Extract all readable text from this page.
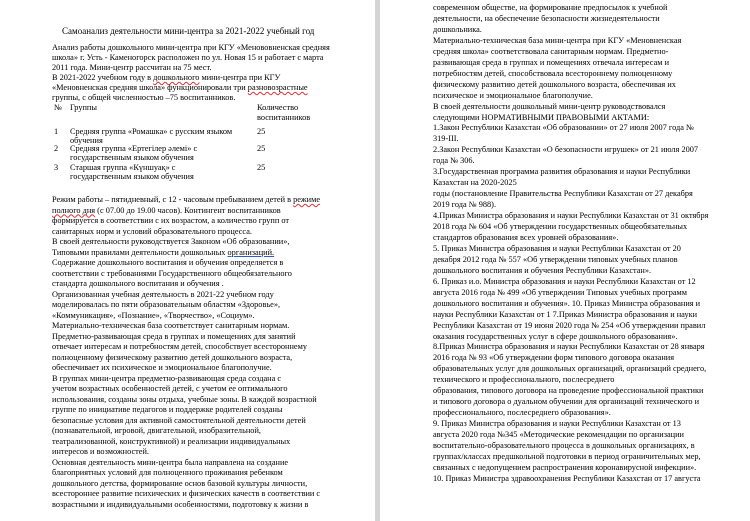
Самоанализ деятельности мини-центра за 2021-2022 учебный год
Анализ работы дошкольного мини-центра при КГУ «Менововненская средняя
школа» г. Усть - Каменогорск расположен по ул. Новая 15 и работает с марта
2011 года. Мини-центр рассчитан на 75 мест.
В 2021-2022 учебном году в дошкольного мини-центра при КГУ
«Меновненская средняя школа» функционировали три разновозрастные
группы, с общей численностью –75 воспитанников.
№ Группы	Количество
воспитанников
1 Средняя группа «Ромашка» с русским языком
обучения
25
2 Средняя группа «Ертегілер әлемі» с
государственным языком обучения
25
3 Старшая группа «Күншуақ» с
государственным языком обучения
25
Режим работы – пятидневный, с 12 - часовым пребыванием детей в режиме
полного дня (с 07.00 до 19.00 часов). Контингент воспитанников
формируется в соответствии с их возрастом, а количество групп от
санитарных норм и условий образовательного процесса.
В своей деятельности руководствуется Законом «Об образовании»,
Типовыми правилами деятельности дошкольных организаций.
Содержание дошкольного воспитания и обучения определяется в
соответствии с требованиями Государственного общеобязательного
стандарта дошкольного воспитания и обучения .
Организованная учебная деятельность в 2021-22 учебном году
моделировалась по пяти образовательным областям «Здоровье»,
«Коммуникация», «Познание», «Творчество», «Социум».
Материально-техническая база соответствует санитарным нормам.
Предметно-развивающая среда в группах и помещениях для занятий
отвечает интересам и потребностям детей, способствует всестороннему
полноценному физическому развитию детей дошкольного возраста,
обеспечивает их психическое и эмоциональное благополучие.
В группах мини-центра предметно-развивающая среда создана с
учетом возрастных особенностей детей, с учетом ее оптимального
использования, созданы зоны отдыха, учебные зоны. В каждой возрастной
группе по инициативе педагогов и поддержке родителей созданы
безопасные условия для активной самостоятельной деятельности детей
(познавательной, игровой, двигательной, изобразительной,
театрализованной, конструктивной) и реализации индивидуальных
интересов и возможностей.
Основная деятельность мини-центра была направлена на создание
благоприятных условий для полноценного проживания ребенком
дошкольного детства, формирование основ базовой культуры личности,
всестороннее развитие психических и физических качеств в соответствии с
возрастными и индивидуальными особенностями, подготовку к жизни в
современном обществе, на формирование предпосылок к учебной
деятельности, на обеспечение безопасности жизнедеятельности
дошкольника.
Материально-техническая база мини-центра при КГУ «Меновненская
средняя школа» соответствовала санитарным нормам. Предметно-
развивающая среда в группах и помещениях отвечала интересам и
потребностям детей, способствовала всестороннему полноценному
физическому развитию детей дошкольного возраста, обеспечивая их
психическое и эмоциональное благополучие.
В своей деятельности дошкольный мини-центр руководствовался
следующими НОРМАТИВНЫМИ ПРАВОВЫМИ АКТАМИ:
1.Закон Республики Казахстан «Об образовании» от 27 июля 2007 года №
319-III.
2.Закон Республики Казахстан «О безопасности игрушек» от 21 июля 2007
года № 306.
3.Государственная программа развития образования и науки Республики
Казахстан на 2020-2025
годы (постановление Правительства Республики Казахстан от 27 декабря
2019 года № 988).
4.Приказ Министра образования и науки Республики Казахстан от 31 октября
2018 года № 604 «Об утверждении государственных общеобязательных
стандартов образования всех уровней образования».
5. Приказ Министра образования и науки Республики Казахстан от 20
декабря 2012 года № 557 «Об утверждении типовых учебных планов
дошкольного воспитания и обучения Республики Казахстан».
6. Приказ и.о. Министра образования и науки Республики Казахстан от 12
августа 2016 года № 499 «Об утверждении Типовых учебных программ
дошкольного воспитания и обучения». 10. Приказ Министра образования и
науки Республики Казахстан от 1 7.Приказ Министра образования и науки
Республики Казахстан от 19 июня 2020 года № 254 «Об утверждении правил
оказания государственных услуг в сфере дошкольного образования».
8.Приказ Министра образования и науки Республики Казахстан от 28 января
2016 года № 93 «Об утверждении форм типового договора оказания
образовательных услуг для дошкольных организаций, организаций среднего,
технического и профессионального, послесреднего
образования, типового договора на проведение профессиональной практики
и типового договора о дуальном обучении для организаций технического и
профессионального, послесреднего образования».
9. Приказ Министра образования и науки Республики Казахстан от 13
августа 2020 года №345 «Методические рекомендации по организации
воспитательно-образовательного процесса в дошкольных организациях, в
группах/классах предшкольной подготовки в период ограничительных мер,
связанных с недопущением распространения коронавирусной инфекции».
10. Приказ Министра здравоохранения Республики Казахстан от 17 августа
